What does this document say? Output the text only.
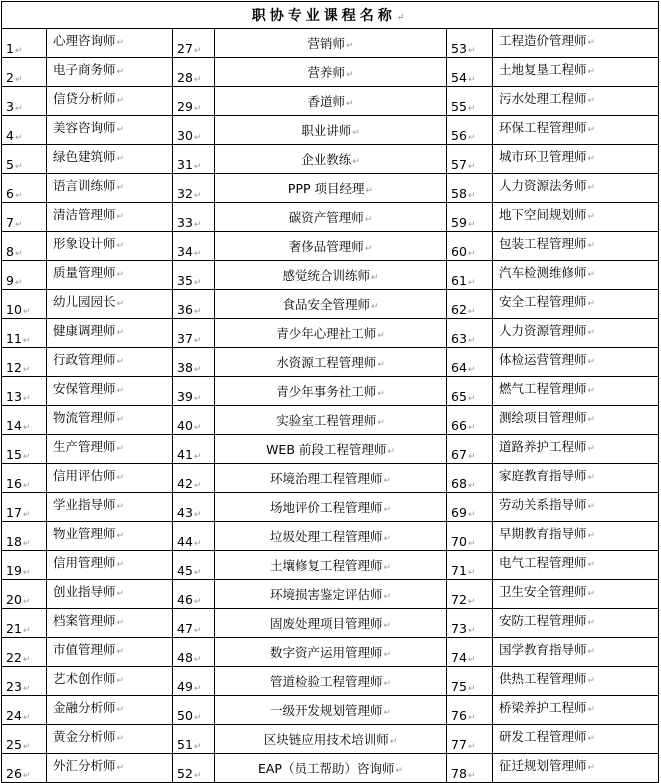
职协专业课程名称↵					
1↵	心理咨询师↵	27↵	营销师↵	53↵	工程造价管理师↵
2↵	电子商务师↵	28↵	营养师↵	54↵	土地复垦工程师↵
3↵	信贷分析师↵	29↵	香道师↵	55↵	污水处理工程师↵
4↵	美容咨询师↵	30↵	职业讲师↵	56↵	环保工程管理师↵
5↵	绿色建筑师↵	31↵	企业教练↵	57↵	城市环卫管理师↵
6↵	语言训练师↵	32↵	PPP 项目经理↵	58↵	人力资源法务师↵
7↵	清洁管理师↵	33↵	碳资产管理师↵	59↵	地下空间规划师↵
8↵	形象设计师↵	34↵	奢侈品管理师↵	60↵	包装工程管理师↵
9↵	质量管理师↵	35↵	感觉统合训练师↵	61↵	汽车检测维修师↵
10↵	幼儿园园长↵	36↵	食品安全管理师↵	62↵	安全工程管理师↵
11↵	健康调理师↵	37↵	青少年心理社工师↵	63↵	人力资源管理师↵
12↵	行政管理师↵	38↵	水资源工程管理师↵	64↵	体检运营管理师↵
13↵	安保管理师↵	39↵	青少年事务社工师↵	65↵	燃气工程管理师↵
14↵	物流管理师↵	40↵	实验室工程管理师↵	66↵	测绘项目管理师↵
15↵	生产管理师↵	41↵	WEB 前段工程管理师↵	67↵	道路养护工程师↵
16↵	信用评估师↵	42↵	环境治理工程管理师↵	68↵	家庭教育指导师↵
17↵	学业指导师↵	43↵	场地评价工程管理师↵	69↵	劳动关系指导师↵
18↵	物业管理师↵	44↵	垃圾处理工程管理师↵	70↵	早期教育指导师↵
19↵	信用管理师↵	45↵	土壤修复工程管理师↵	71↵	电气工程管理师↵
20↵	创业指导师↵	46↵	环境损害鉴定评估师↵	72↵	卫生安全管理师↵
21↵	档案管理师↵	47↵	固废处理项目管理师↵	73↵	安防工程管理师↵
22↵	市值管理师↵	48↵	数字资产运用管理师↵	74↵	国学教育指导师↵
23↵	艺术创作师↵	49↵	管道检验工程管理师↵	75↵	供热工程管理师↵
24↵	金融分析师↵	50↵	一级开发规划管理师↵	76↵	桥梁养护工程师↵
25↵	黄金分析师↵	51↵	区块链应用技术培训师↵	77↵	研发工程管理师↵
26↵	外汇分析师↵	52↵	EAP（员工帮助）咨询师↵	78↵	征迁规划管理师↵
